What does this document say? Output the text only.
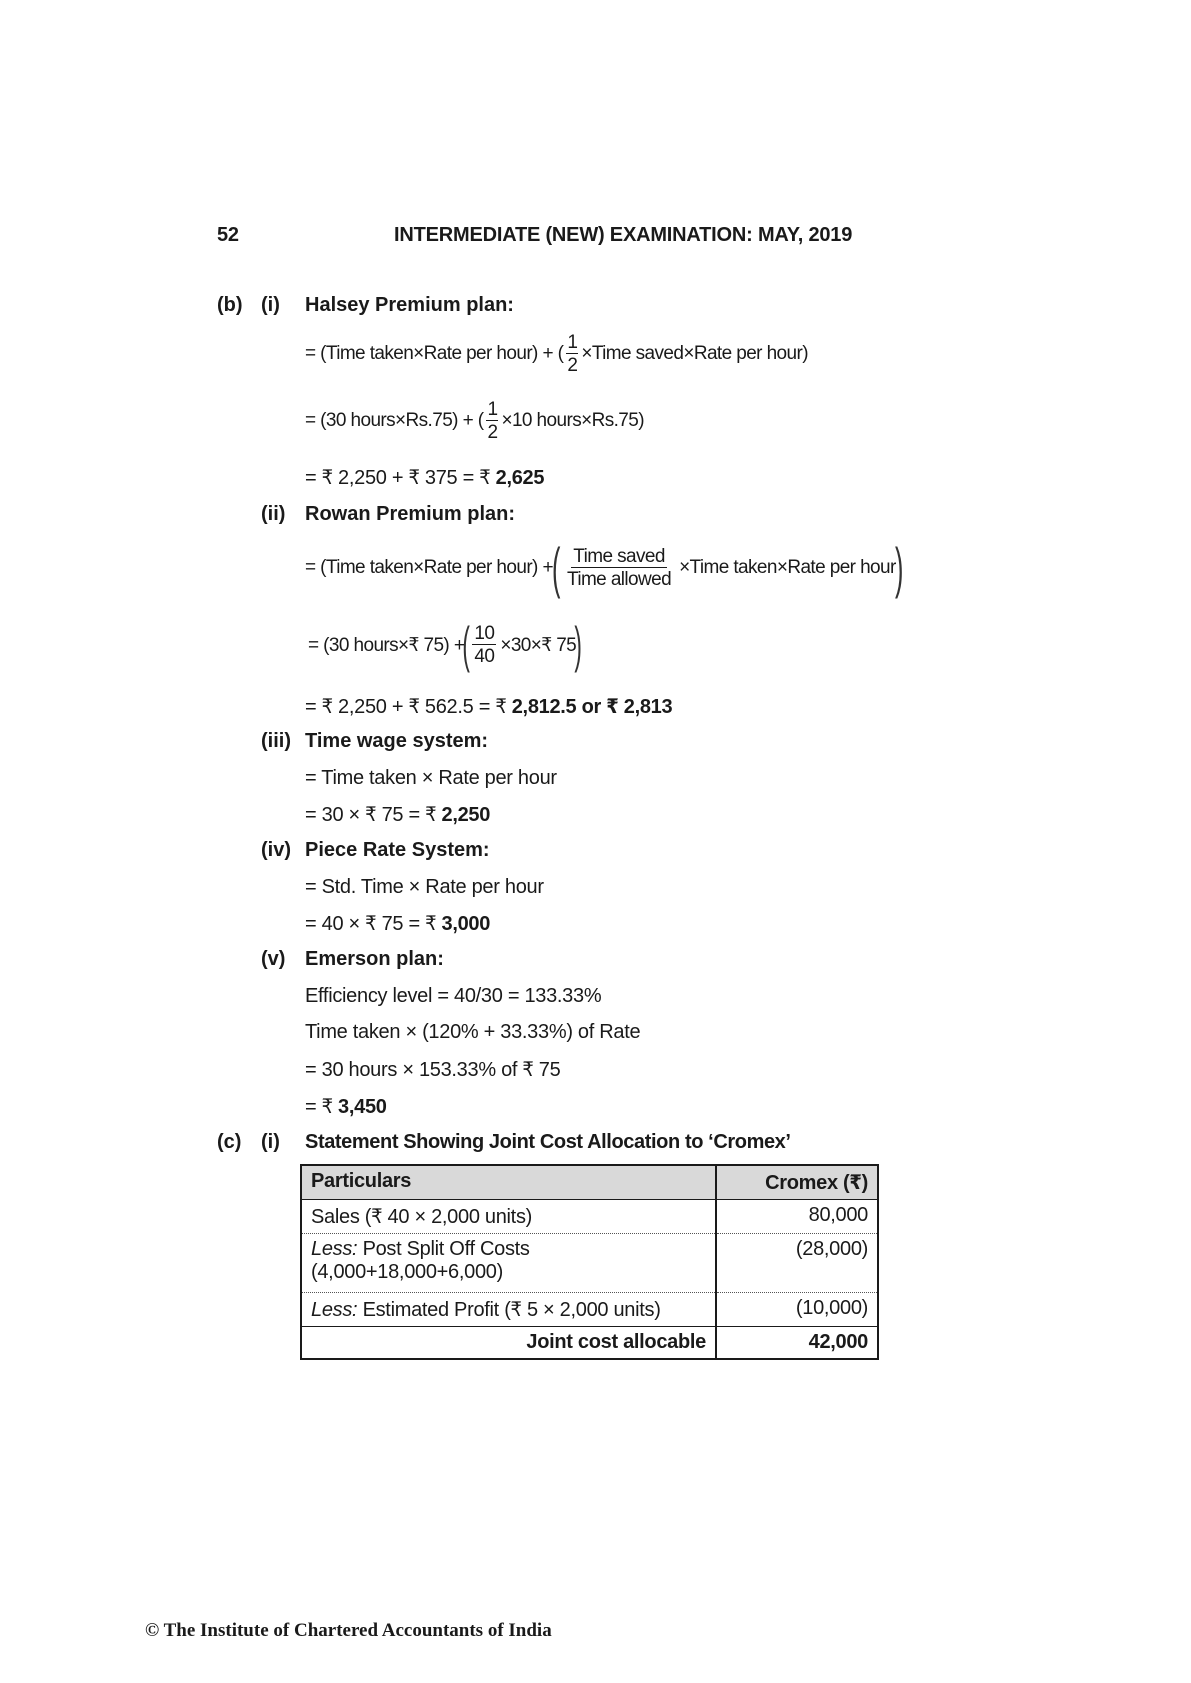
52	INTERMEDIATE (NEW) EXAMINATION: MAY, 2019
(b) (i) Halsey Premium plan:
= (Time taken×Rate per hour) + ( $\frac{1}{2}$ ×Time saved×Rate per hour)
= (30 hours×Rs.75) + ( $\frac{1}{2} \times 10$ hours×Rs.75)
= ₹ 2,250 + ₹ 375 = ₹ 2,625
(ii) Rowan Premium plan:
= (Time taken×Rate per hour) +
( $\frac{\text{Time saved}}{\text{Time allowed}}$ ×Time taken×Rate per hour
)
= (30 hours×₹ 75) +
( $\frac{10}{40}$ ×30×₹ 75
)
= ₹ 2,250 + ₹ 562.5 = ₹ 2,812.5 or ₹ 2,813
(iii) Time wage system:
= Time taken × Rate per hour
= 30 × ₹ 75 = ₹ 2,250
(iv) Piece Rate System:
= Std. Time × Rate per hour
= 40 × ₹ 75 = ₹ 3,000
(v) Emerson plan:
Efficiency level = 40/30 = 133.33%
Time taken × (120% + 33.33%) of Rate
= 30 hours × 153.33% of ₹ 75
= ₹ 3,450
(c) (i) Statement Showing Joint Cost Allocation to ‘Cromex’
Particulars	Cromex (₹)
Sales (₹ 40 × 2,000 units)	80,000
Less: Post Split Off Costs
(4,000+18,000+6,000)	(28,000)
Less: Estimated Profit (₹ 5 × 2,000 units)	(10,000)
Joint cost allocable	42,000
© The Institute of Chartered Accountants of India
